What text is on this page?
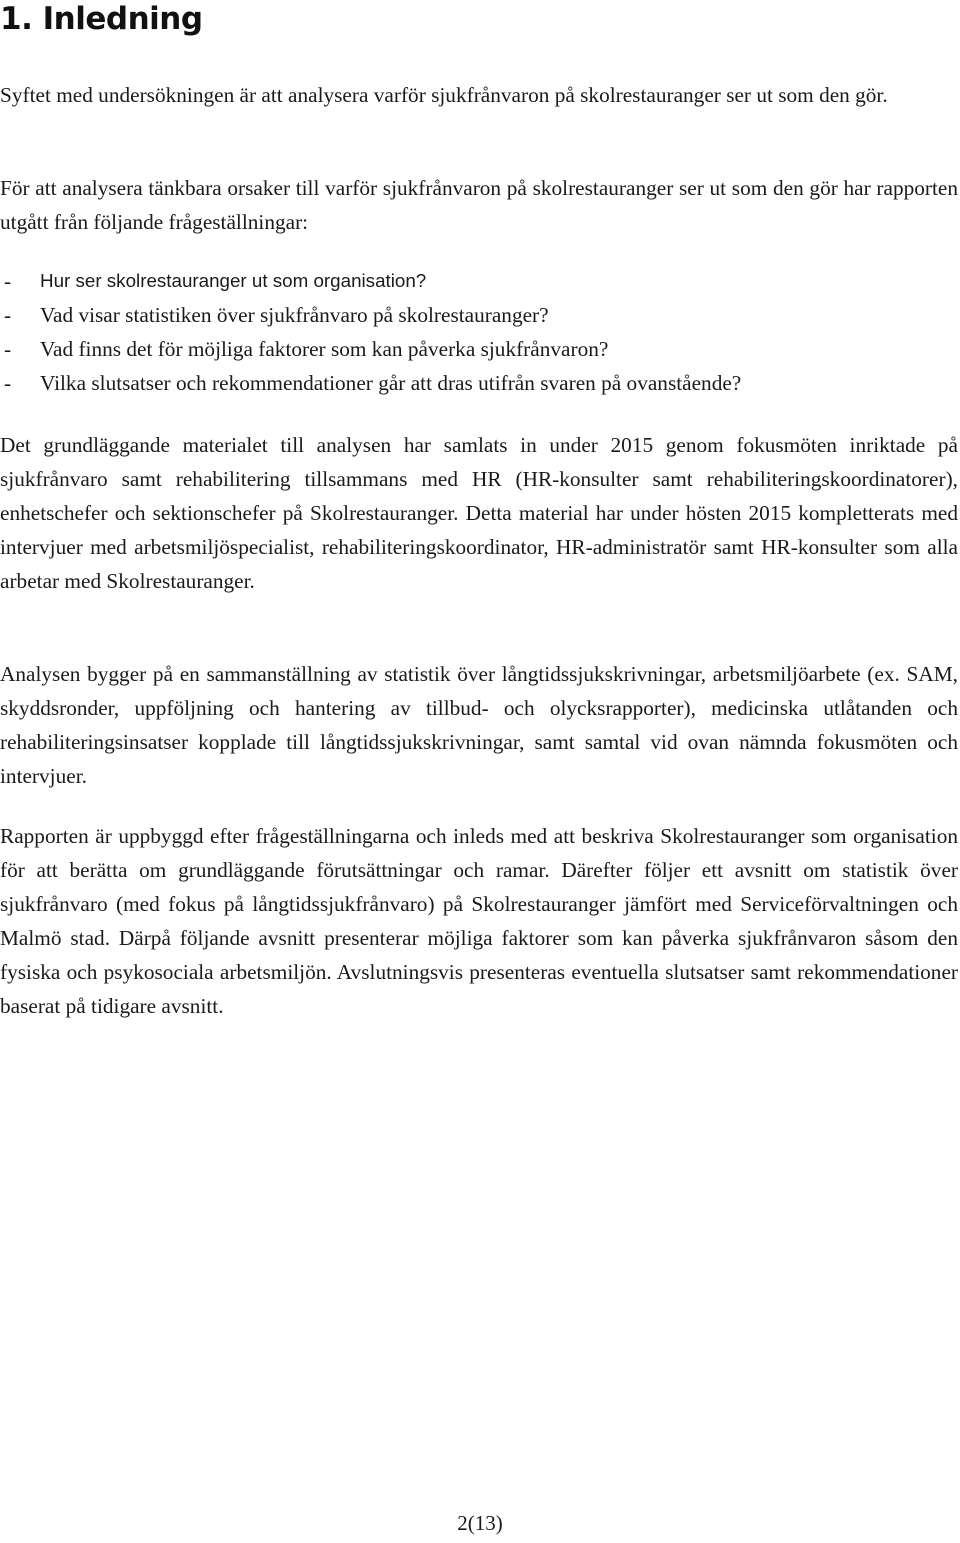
1. Inledning

Syftet med undersökningen är att analysera varför sjukfrånvaron på skolrestauranger ser ut som den gör.

För att analysera tänkbara orsaker till varför sjukfrånvaron på skolrestauranger ser ut som den gör har rapporten utgått från följande frågeställningar:

-	Hur ser skolrestauranger ut som organisation?
-	Vad visar statistiken över sjukfrånvaro på skolrestauranger?
-	Vad finns det för möjliga faktorer som kan påverka sjukfrånvaron?
-	Vilka slutsatser och rekommendationer går att dras utifrån svaren på ovanstående?

Det grundläggande materialet till analysen har samlats in under 2015 genom fokusmöten inriktade på sjukfrånvaro samt rehabilitering tillsammans med HR (HR-konsulter samt rehabiliteringskoordinatorer), enhetschefer och sektionschefer på Skolrestauranger. Detta material har under hösten 2015 kompletterats med intervjuer med arbetsmiljöspecialist, rehabiliteringskoordinator, HR-administratör samt HR-konsulter som alla arbetar med Skolrestauranger.

Analysen bygger på en sammanställning av statistik över långtidssjukskrivningar, arbetsmiljöarbete (ex. SAM, skyddsronder, uppföljning och hantering av tillbud- och olycksrapporter), medicinska utlåtanden och rehabiliteringsinsatser kopplade till långtidssjukskrivningar, samt samtal vid ovan nämnda fokusmöten och intervjuer.

Rapporten är uppbyggd efter frågeställningarna och inleds med att beskriva Skolrestauranger som organisation för att berätta om grundläggande förutsättningar och ramar. Därefter följer ett avsnitt om statistik över sjukfrånvaro (med fokus på långtidssjukfrånvaro) på Skolrestauranger jämfört med Serviceförvaltningen och Malmö stad. Därpå följande avsnitt presenterar möjliga faktorer som kan påverka sjukfrånvaron såsom den fysiska och psykosociala arbetsmiljön. Avslutningsvis presenteras eventuella slutsatser samt rekommendationer baserat på tidigare avsnitt.

2(13)
